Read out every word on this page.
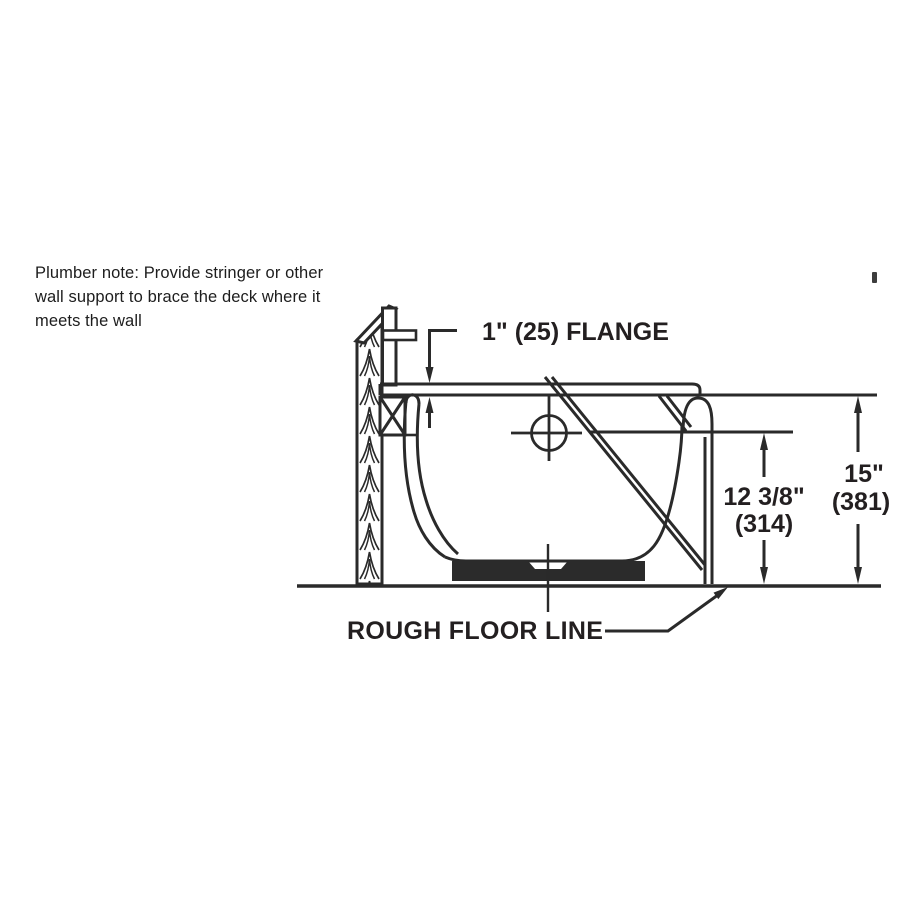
Plumber note: Provide stringer or other
wall support to brace the deck where it
meets the wall	1" (25) FLANGE
12 3/8"
(314)
15"
(381)
ROUGH FLOOR LINE
